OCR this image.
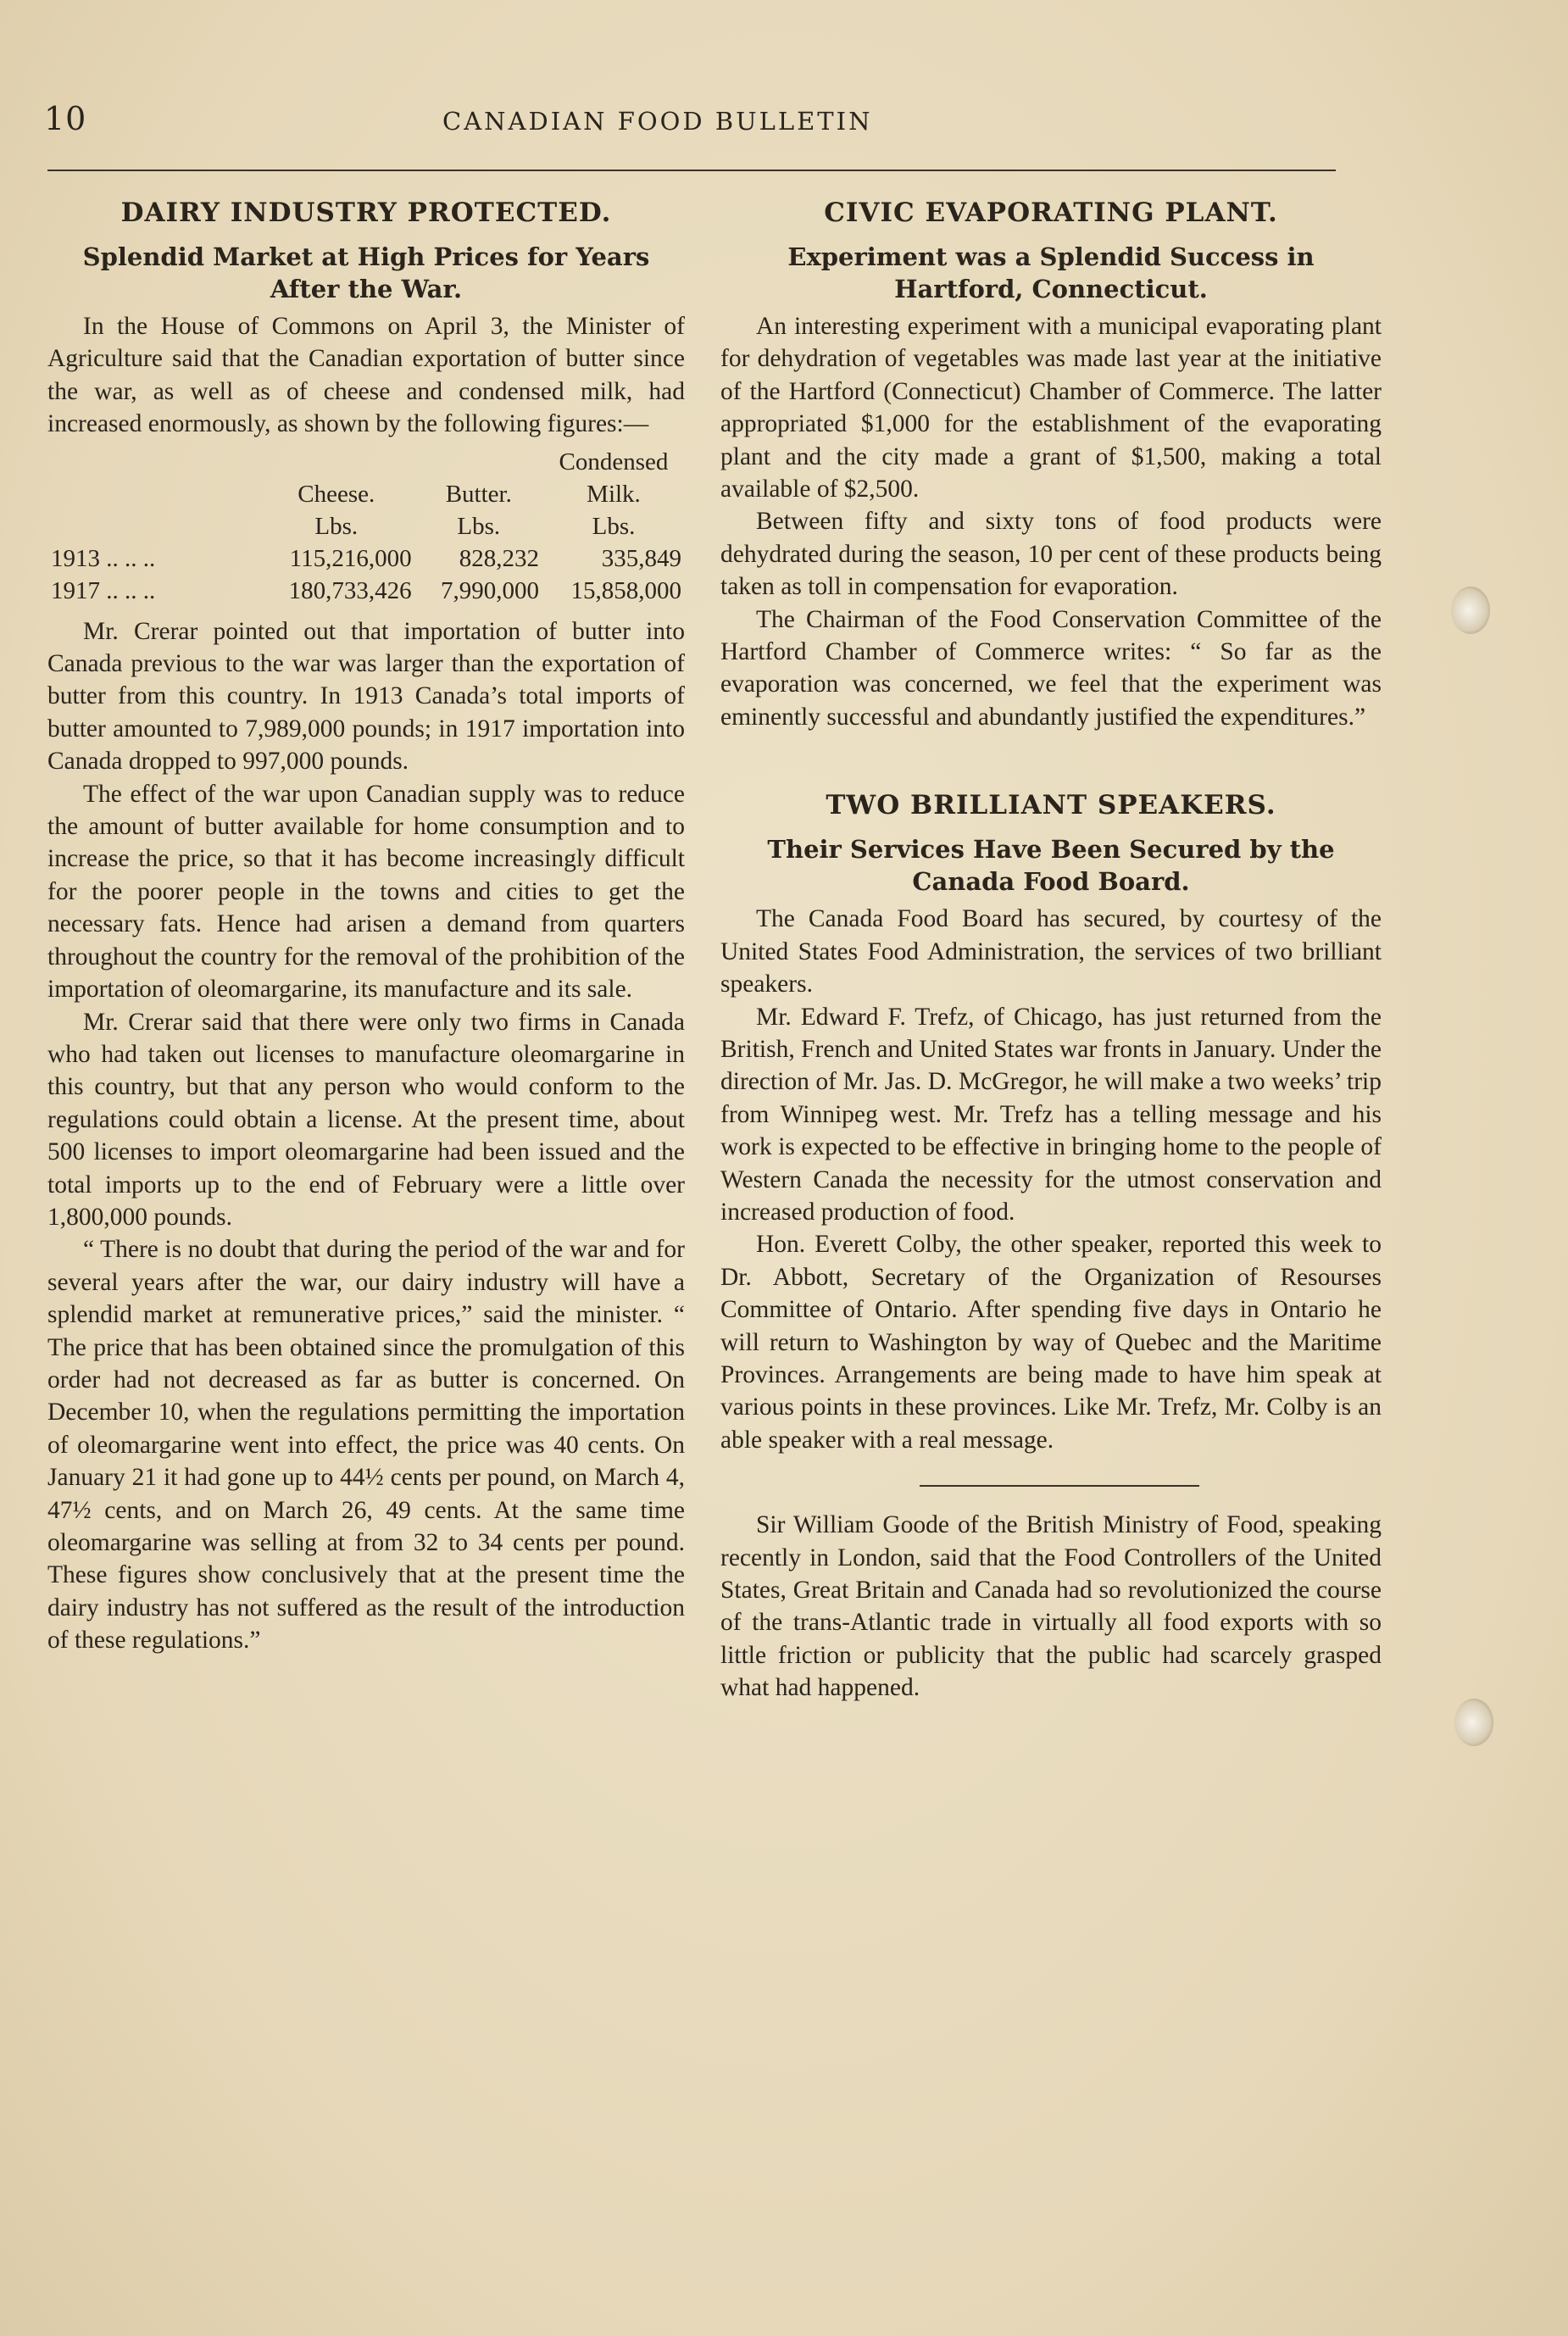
10	CANADIAN FOOD BULLETIN
DAIRY INDUSTRY PROTECTED.
Splendid Market at High Prices for Years After the War.

In the House of Commons on April 3, the Minister of Agriculture said that the Canadian exportation of butter since the war, as well as of cheese and condensed milk, had increased enormously, as shown by the following figures:—

			Condensed
	Cheese.	Butter.	Milk.
	Lbs.	Lbs.	Lbs.
1913 .. .. ..	115,216,000	828,232	335,849
1917 .. .. ..	180,733,426	7,990,000	15,858,000

Mr. Crerar pointed out that importation of butter into Canada previous to the war was larger than the exportation of butter from this country. In 1913 Canada’s total imports of butter amounted to 7,989,000 pounds; in 1917 importation into Canada dropped to 997,000 pounds.

The effect of the war upon Canadian supply was to reduce the amount of butter available for home consumption and to increase the price, so that it has become increasingly difficult for the poorer people in the towns and cities to get the necessary fats. Hence had arisen a demand from quarters throughout the country for the removal of the prohibition of the importation of oleomargarine, its manufacture and its sale.

Mr. Crerar said that there were only two firms in Canada who had taken out licenses to manufacture oleomargarine in this country, but that any person who would conform to the regulations could obtain a license. At the present time, about 500 licenses to import oleomargarine had been issued and the total imports up to the end of February were a little over 1,800,000 pounds.

“ There is no doubt that during the period of the war and for several years after the war, our dairy industry will have a splendid market at remunerative prices,” said the minister. “ The price that has been obtained since the promulgation of this order had not decreased as far as butter is concerned. On December 10, when the regulations permitting the importation of oleomargarine went into effect, the price was 40 cents. On January 21 it had gone up to 44½ cents per pound, on March 4, 47½ cents, and on March 26, 49 cents. At the same time oleomargarine was selling at from 32 to 34 cents per pound. These figures show conclusively that at the present time the dairy industry has not suffered as the result of the introduction of these regulations.”

CIVIC EVAPORATING PLANT.
Experiment was a Splendid Success in Hartford, Connecticut.

An interesting experiment with a municipal evaporating plant for dehydration of vegetables was made last year at the initiative of the Hartford (Connecticut) Chamber of Commerce. The latter appropriated $1,000 for the establishment of the evaporating plant and the city made a grant of $1,500, making a total available of $2,500.

Between fifty and sixty tons of food products were dehydrated during the season, 10 per cent of these products being taken as toll in compensation for evaporation.

The Chairman of the Food Conservation Committee of the Hartford Chamber of Commerce writes: “ So far as the evaporation was concerned, we feel that the experiment was eminently successful and abundantly justified the expenditures.”

TWO BRILLIANT SPEAKERS.
Their Services Have Been Secured by the Canada Food Board.

The Canada Food Board has secured, by courtesy of the United States Food Administration, the services of two brilliant speakers.

Mr. Edward F. Trefz, of Chicago, has just returned from the British, French and United States war fronts in January. Under the direction of Mr. Jas. D. McGregor, he will make a two weeks’ trip from Winnipeg west. Mr. Trefz has a telling message and his work is expected to be effective in bringing home to the people of Western Canada the necessity for the utmost conservation and increased production of food.

Hon. Everett Colby, the other speaker, reported this week to Dr. Abbott, Secretary of the Organization of Resourses Committee of Ontario. After spending five days in Ontario he will return to Washington by way of Quebec and the Maritime Provinces. Arrangements are being made to have him speak at various points in these provinces. Like Mr. Trefz, Mr. Colby is an able speaker with a real message.

Sir William Goode of the British Ministry of Food, speaking recently in London, said that the Food Controllers of the United States, Great Britain and Canada had so revolutionized the course of the trans-Atlantic trade in virtually all food exports with so little friction or publicity that the public had scarcely grasped what had happened.
